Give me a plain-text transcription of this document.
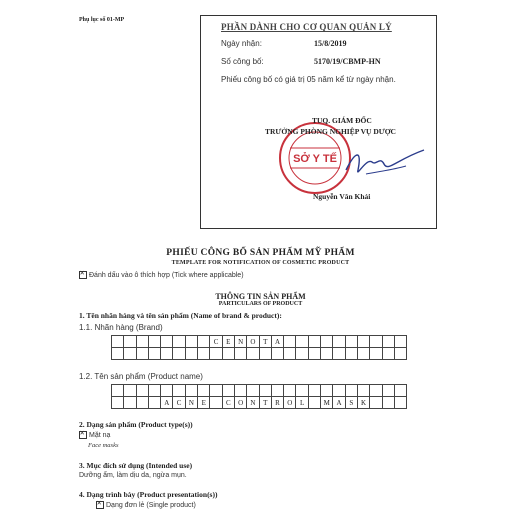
Phụ lục số 01-MP
PHẦN DÀNH CHO CƠ QUAN QUẢN LÝ
Ngày nhận:	15/8/2019
Số công bố:	5170/19/CBMP-HN
Phiếu công bố có giá trị 05 năm kể từ ngày nhận.
SỞ Y TẾ
TUQ. GIÁM ĐỐC
TRƯỞNG PHÒNG NGHIỆP VỤ DƯỢC
Nguyễn Văn Khải
PHIẾU CÔNG BỐ SẢN PHẨM MỸ PHẨM
TEMPLATE FOR NOTIFICATION OF COSMETIC PRODUCT
✕Đánh dấu vào ô thích hợp (Tick where applicable)
THÔNG TIN SẢN PHẨM
PARTICULARS OF PRODUCT
1. Tên nhãn hàng và tên sản phẩm (Name of brand & product):
1.1. Nhãn hàng (Brand)
								C	E	N	O	T	A										

1.2. Tên sản phẩm (Product name)

				A	C	N	E		C	O	N	T	R	O	L		M	A	S	K			
2. Dạng sản phẩm (Product type(s))
✕Mặt nạ
Face masks
3. Mục đích sử dụng (Intended use)
Dưỡng ẩm, làm dịu da, ngừa mụn.
4. Dạng trình bày (Product presentation(s))
✕Dạng đơn lẻ (Single product)
